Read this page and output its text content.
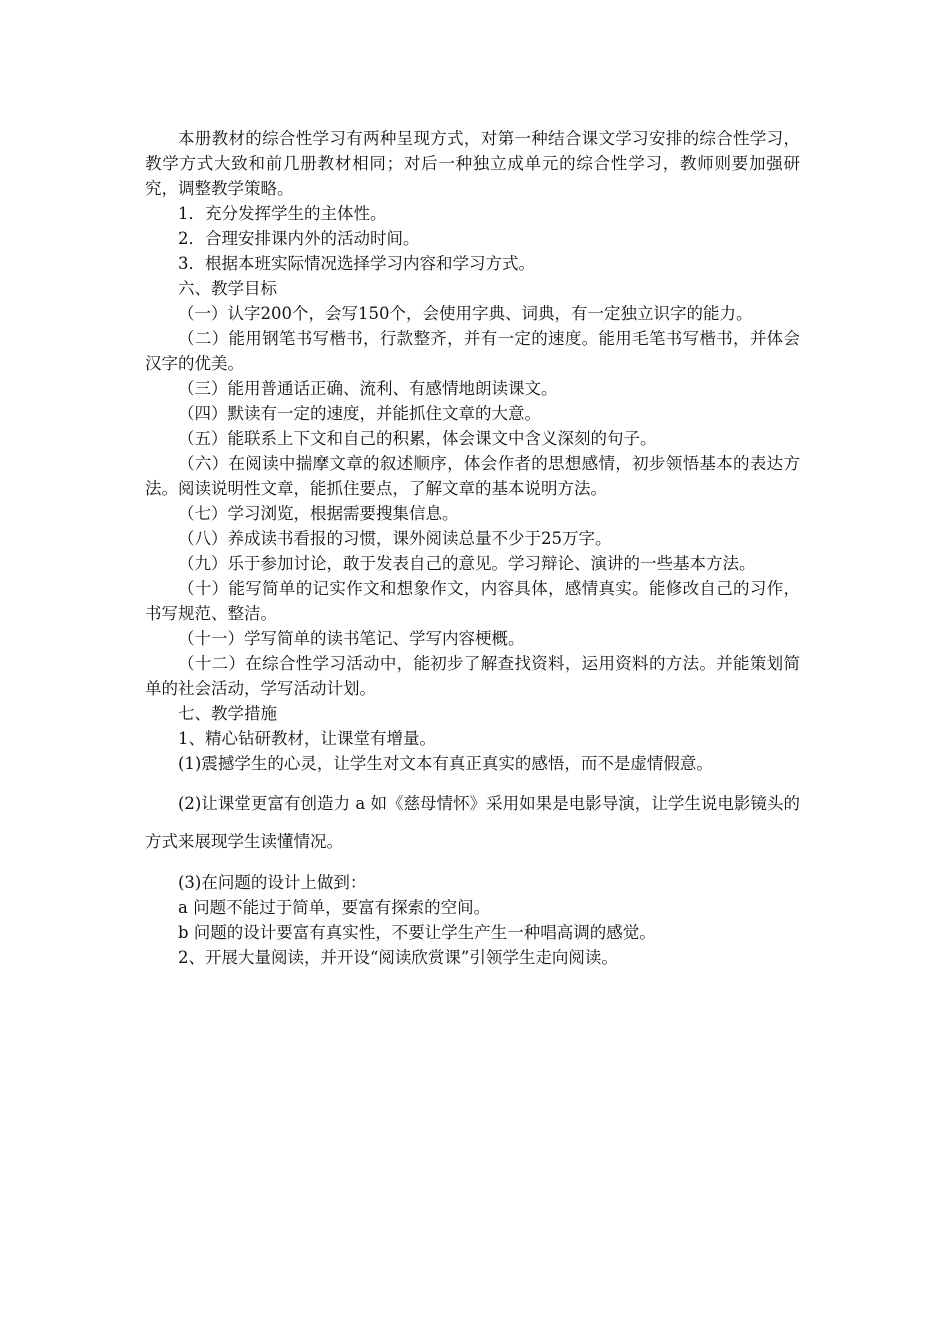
本册教材的综合性学习有两种呈现方式，对第一种结合课文学习安排的综合性学习，教学方式大致和前几册教材相同；对后一种独立成单元的综合性学习，教师则要加强研究，调整教学策略。

1．充分发挥学生的主体性。

2．合理安排课内外的活动时间。

3．根据本班实际情况选择学习内容和学习方式。

六、教学目标

（一）认字200个，会写150个，会使用字典、词典，有一定独立识字的能力。

（二）能用钢笔书写楷书，行款整齐，并有一定的速度。能用毛笔书写楷书，并体会汉字的优美。

（三）能用普通话正确、流利、有感情地朗读课文。

（四）默读有一定的速度，并能抓住文章的大意。

（五）能联系上下文和自己的积累，体会课文中含义深刻的句子。

（六）在阅读中揣摩文章的叙述顺序，体会作者的思想感情，初步领悟基本的表达方法。阅读说明性文章，能抓住要点，了解文章的基本说明方法。

（七）学习浏览，根据需要搜集信息。

（八）养成读书看报的习惯，课外阅读总量不少于25万字。

（九）乐于参加讨论，敢于发表自己的意见。学习辩论、演讲的一些基本方法。

（十）能写简单的记实作文和想象作文，内容具体，感情真实。能修改自己的习作，书写规范、整洁。

（十一）学写简单的读书笔记、学写内容梗概。

（十二）在综合性学习活动中，能初步了解查找资料，运用资料的方法。并能策划简单的社会活动，学写活动计划。

七、教学措施

1、精心钻研教材，让课堂有增量。

(1)震撼学生的心灵，让学生对文本有真正真实的感悟，而不是虚情假意。

(2)让课堂更富有创造力 a 如《慈母情怀》采用如果是电影导演，让学生说电影镜头的方式来展现学生读懂情况。

(3)在问题的设计上做到：

a 问题不能过于简单，要富有探索的空间。

b 问题的设计要富有真实性，不要让学生产生一种唱高调的感觉。

2、开展大量阅读，并开设“阅读欣赏课”引领学生走向阅读。
